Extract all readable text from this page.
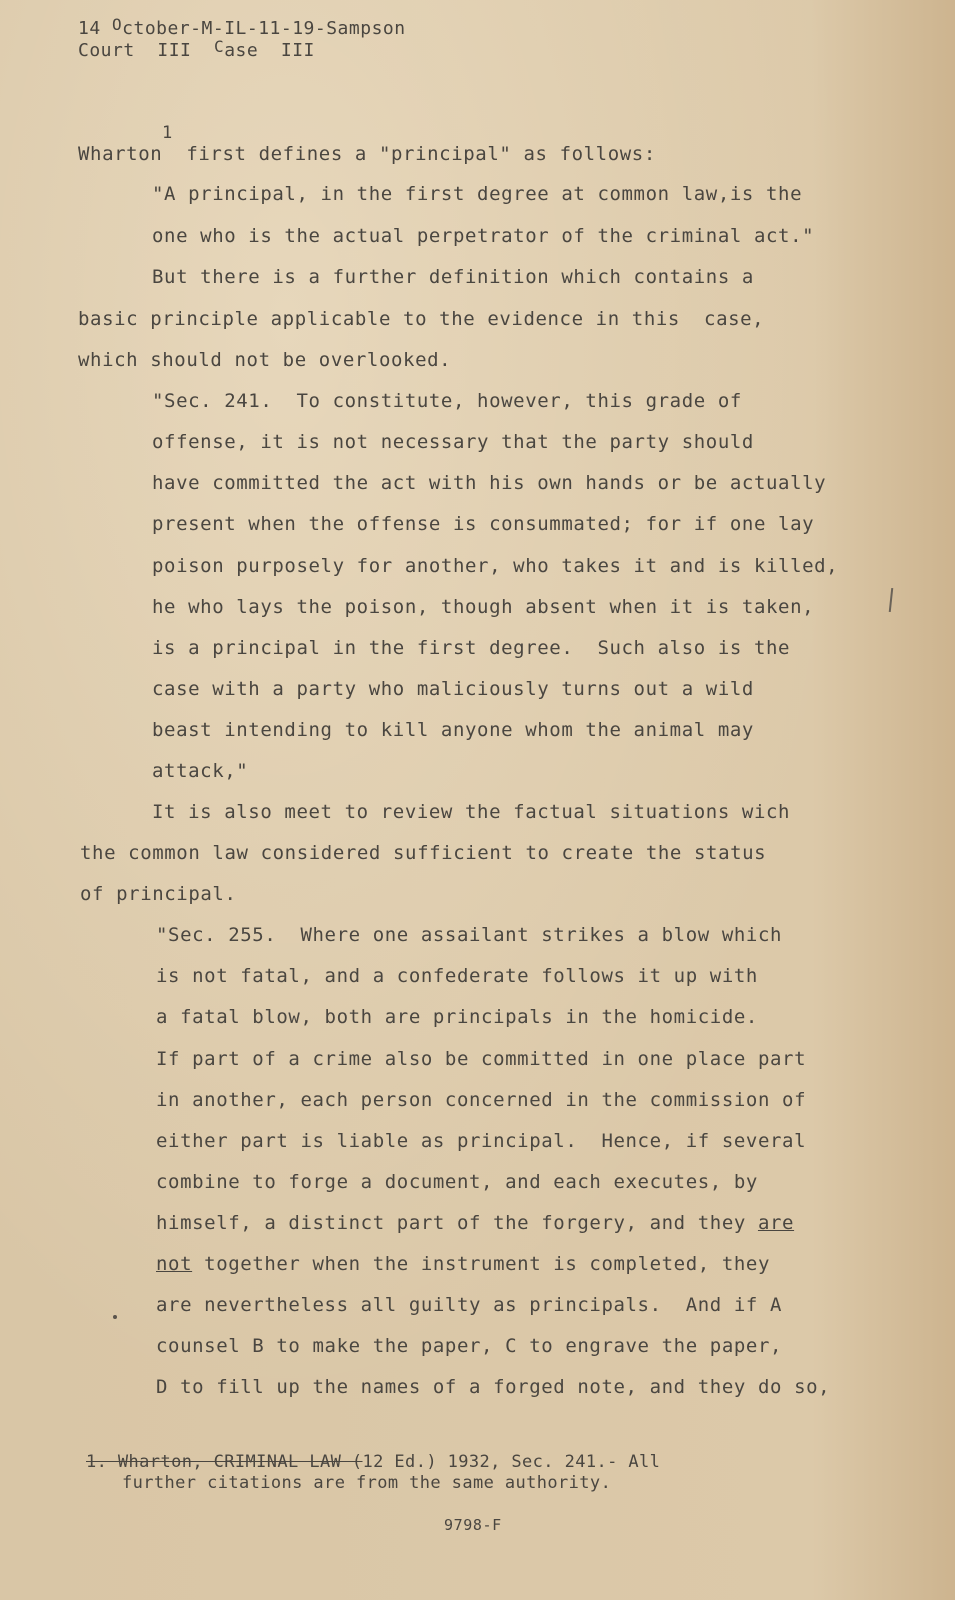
14 October-M-IL-11-19-Sampson
Court  III  Case  III
1
Wharton  first defines a "principal" as follows:
"A principal, in the first degree at common law,is the
one who is the actual perpetrator of the criminal act."
But there is a further definition which contains a
basic principle applicable to the evidence in this  case,
which should not be overlooked.
"Sec. 241.  To constitute, however, this grade of
offense, it is not necessary that the party should
have committed the act with his own hands or be actually
present when the offense is consummated; for if one lay
poison purposely for another, who takes it and is killed,
he who lays the poison, though absent when it is taken,
is a principal in the first degree.  Such also is the
case with a party who maliciously turns out a wild
beast intending to kill anyone whom the animal may
attack,"
It is also meet to review the factual situations wich
the common law considered sufficient to create the status
of principal.
"Sec. 255.  Where one assailant strikes a blow which
is not fatal, and a confederate follows it up with
a fatal blow, both are principals in the homicide.
If part of a crime also be committed in one place part
in another, each person concerned in the commission of
either part is liable as principal.  Hence, if several
combine to forge a document, and each executes, by
himself, a distinct part of the forgery, and they are
not together when the instrument is completed, they
are nevertheless all guilty as principals.  And if A
counsel B to make the paper, C to engrave the paper,
D to fill up the names of a forged note, and they do so,
1. Wharton, CRIMINAL LAW (12 Ed.) 1932, Sec. 241.- All
further citations are from the same authority.
9798-F
